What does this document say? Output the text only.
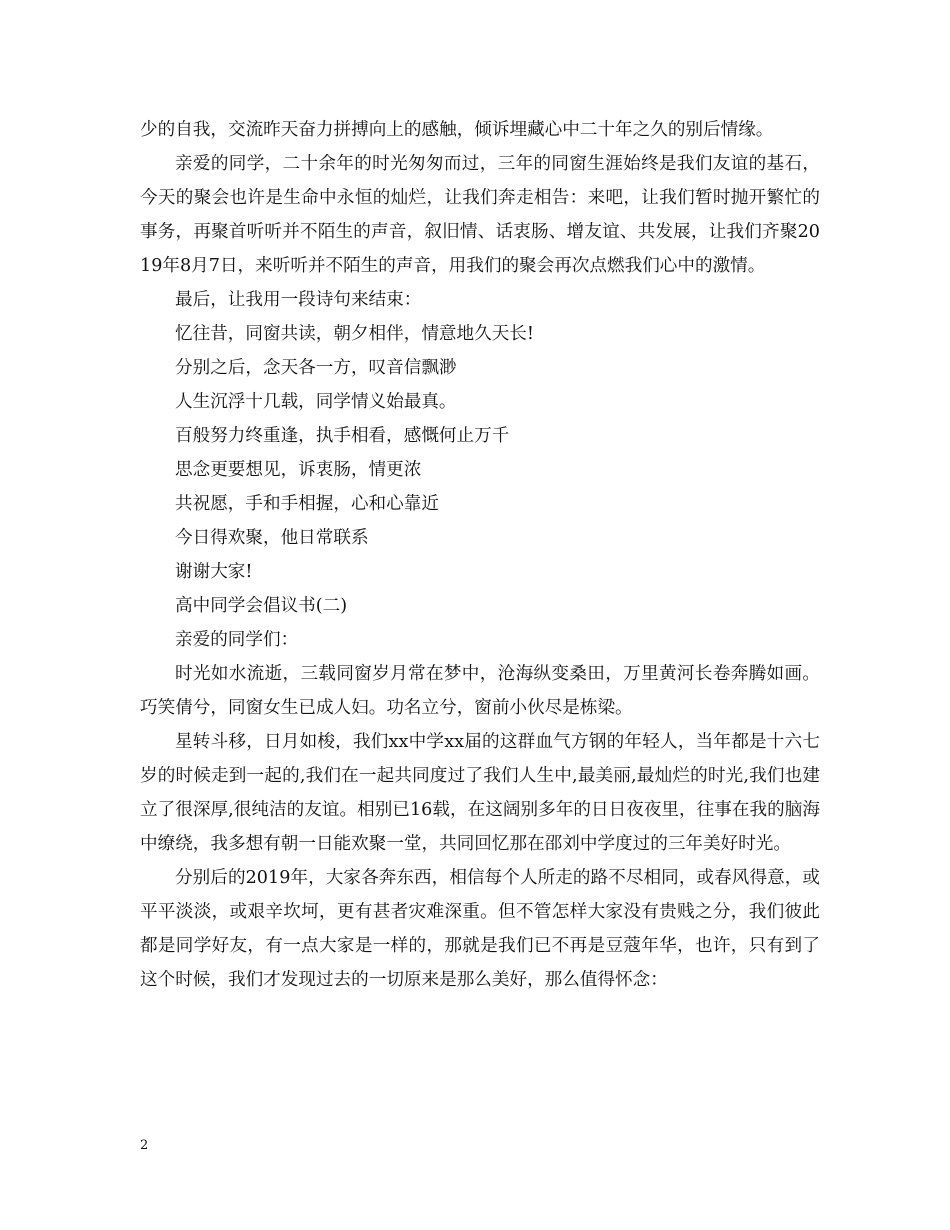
少的自我，交流昨天奋力拼搏向上的感触，倾诉埋藏心中二十年之久的别后情缘。

亲爱的同学，二十余年的时光匆匆而过，三年的同窗生涯始终是我们友谊的基石，今天的聚会也许是生命中永恒的灿烂，让我们奔走相告：来吧，让我们暂时抛开繁忙的事务，再聚首听听并不陌生的声音，叙旧情、话衷肠、增友谊、共发展，让我们齐聚2019年8月7日，来听听并不陌生的声音，用我们的聚会再次点燃我们心中的激情。

最后，让我用一段诗句来结束：

忆往昔，同窗共读，朝夕相伴，情意地久天长!

分别之后，念天各一方，叹音信飘渺

人生沉浮十几载，同学情义始最真。

百般努力终重逢，执手相看，感慨何止万千

思念更要想见，诉衷肠，情更浓

共祝愿，手和手相握，心和心靠近

今日得欢聚，他日常联系

谢谢大家!

高中同学会倡议书(二)

亲爱的同学们：

时光如水流逝，三载同窗岁月常在梦中，沧海纵变桑田，万里黄河长卷奔腾如画。巧笑倩兮，同窗女生已成人妇。功名立兮，窗前小伙尽是栋梁。

星转斗移，日月如梭，我们xx中学xx届的这群血气方钢的年轻人，当年都是十六七岁的时候走到一起的,我们在一起共同度过了我们人生中,最美丽,最灿烂的时光,我们也建立了很深厚,很纯洁的友谊。相别已16载，在这阔别多年的日日夜夜里，往事在我的脑海中缭绕，我多想有朝一日能欢聚一堂，共同回忆那在邵刘中学度过的三年美好时光。

分别后的2019年，大家各奔东西，相信每个人所走的路不尽相同，或春风得意，或平平淡淡，或艰辛坎坷，更有甚者灾难深重。但不管怎样大家没有贵贱之分，我们彼此都是同学好友，有一点大家是一样的，那就是我们已不再是豆蔻年华，也许，只有到了这个时候，我们才发现过去的一切原来是那么美好，那么值得怀念：

2
